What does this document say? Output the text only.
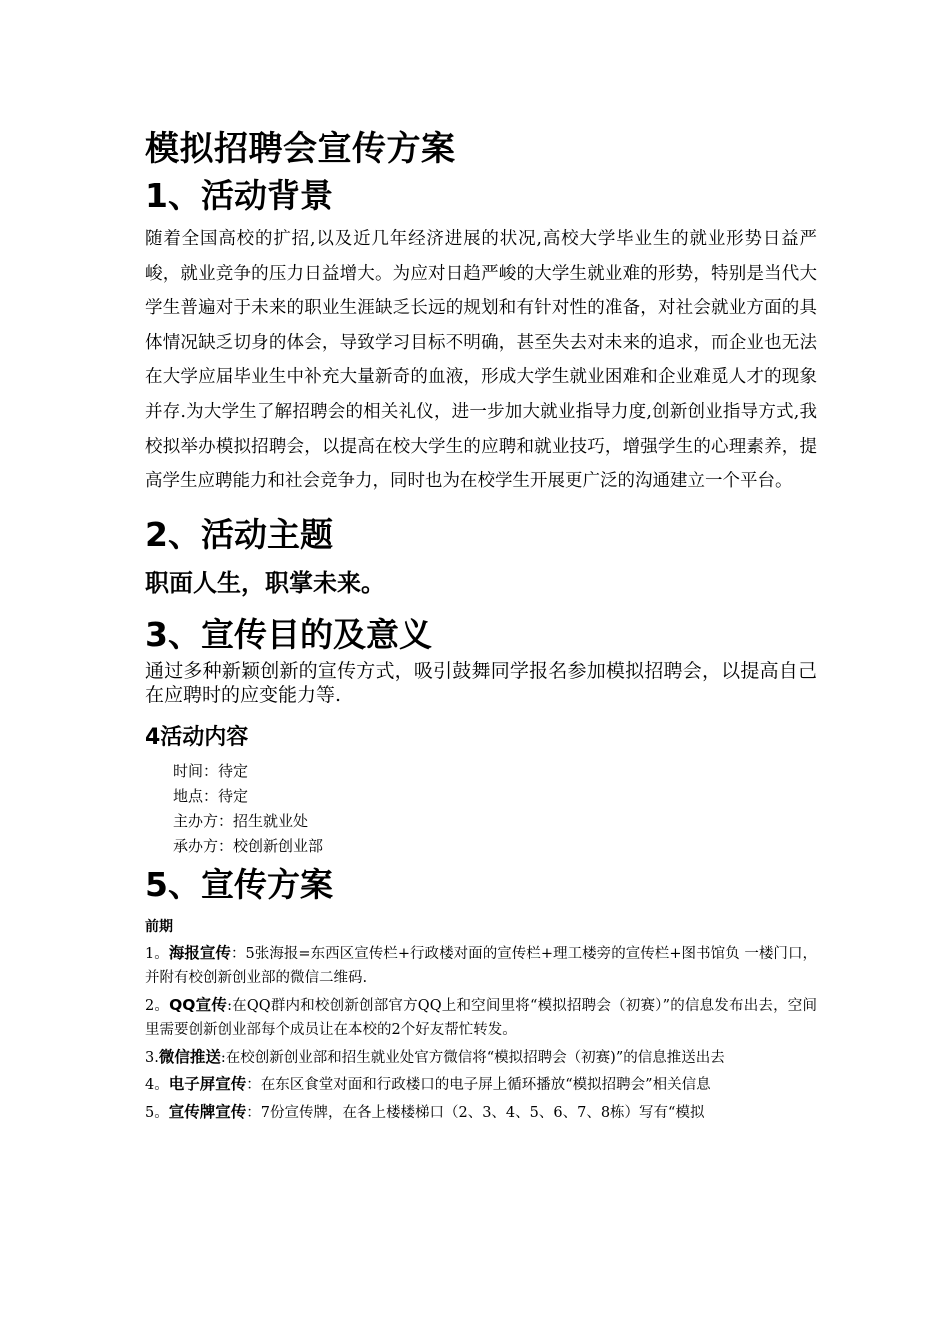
模拟招聘会宣传方案
1、活动背景

随着全国高校的扩招,以及近几年经济进展的状况,高校大学毕业生的就业形势日益严峻，就业竞争的压力日益增大。为应对日趋严峻的大学生就业难的形势，特别是当代大学生普遍对于未来的职业生涯缺乏长远的规划和有针对性的准备，对社会就业方面的具体情况缺乏切身的体会，导致学习目标不明确，甚至失去对未来的追求，而企业也无法在大学应届毕业生中补充大量新奇的血液，形成大学生就业困难和企业难觅人才的现象并存.为大学生了解招聘会的相关礼仪，进一步加大就业指导力度,创新创业指导方式,我校拟举办模拟招聘会，以提高在校大学生的应聘和就业技巧，增强学生的心理素养，提高学生应聘能力和社会竞争力，同时也为在校学生开展更广泛的沟通建立一个平台。

2、活动主题

职面人生，职掌未来。

3、宣传目的及意义

通过多种新颖创新的宣传方式，吸引鼓舞同学报名参加模拟招聘会，以提高自己在应聘时的应变能力等.

4活动内容
时间：待定
地点：待定
主办方：招生就业处
承办方：校创新创业部
5、宣传方案

前期

1。海报宣传：5张海报=东西区宣传栏+行政楼对面的宣传栏+理工楼旁的宣传栏+图书馆负 一楼门口，并附有校创新创业部的微信二维码.
2。QQ宣传:在QQ群内和校创新创部官方QQ上和空间里将“模拟招聘会（初赛）”的信息发布出去，空间里需要创新创业部每个成员让在本校的2个好友帮忙转发。
3.微信推送:在校创新创业部和招生就业处官方微信将“模拟招聘会（初赛)”的信息推送出去
4。电子屏宣传：在东区食堂对面和行政楼口的电子屏上循环播放“模拟招聘会”相关信息
5。宣传牌宣传：7份宣传牌，在各上楼楼梯口（2、3、4、5、6、7、8栋）写有“模拟
